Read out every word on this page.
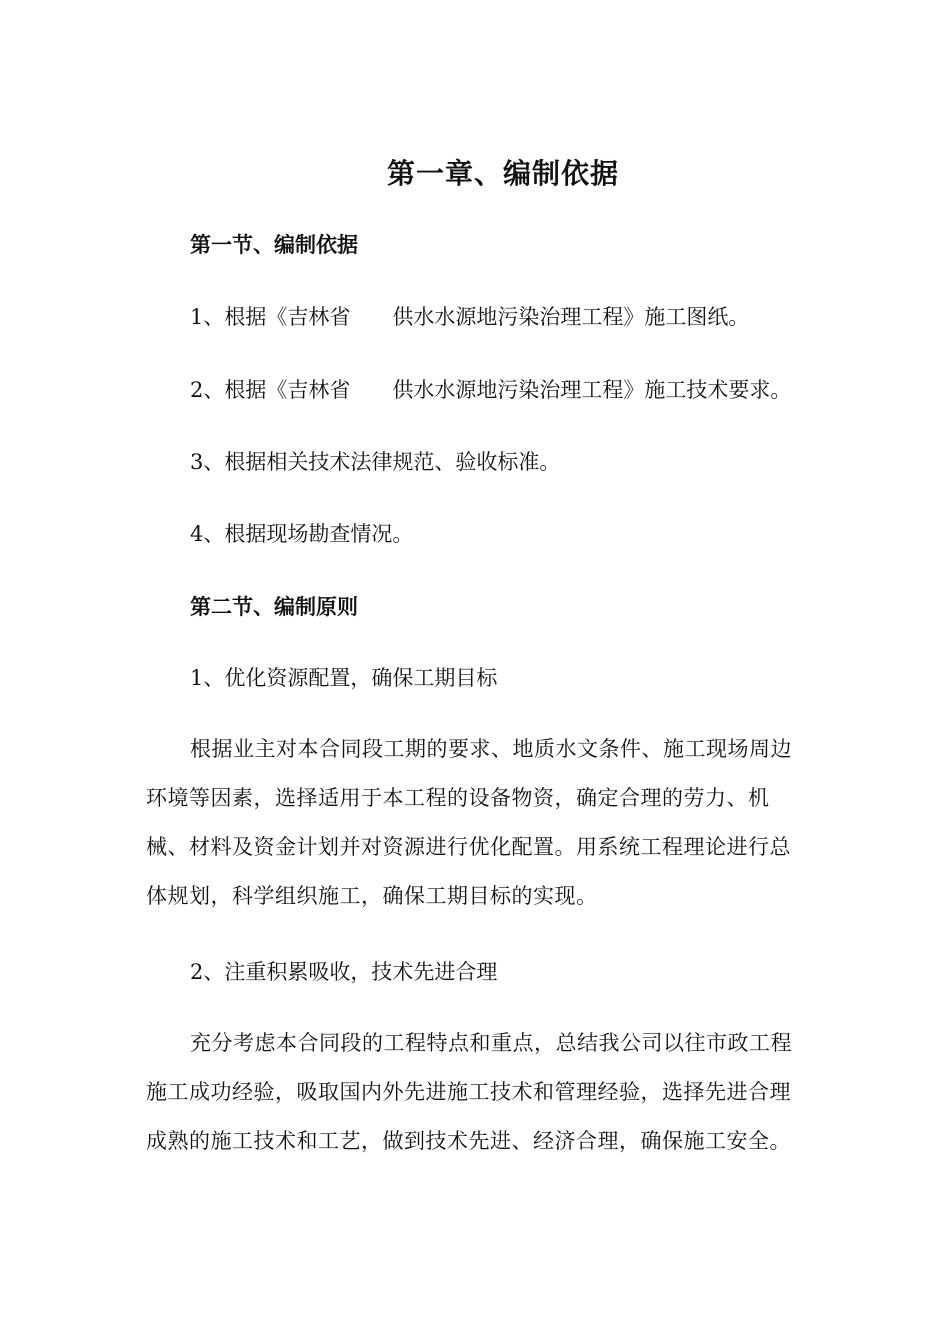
第一章、编制依据
第一节、编制依据
1、根据《吉林省　　供水水源地污染治理工程》施工图纸。
2、根据《吉林省　　供水水源地污染治理工程》施工技术要求。
3、根据相关技术法律规范、验收标准。
4、根据现场勘查情况。
第二节、编制原则
1、优化资源配置，确保工期目标
根据业主对本合同段工期的要求、地质水文条件、施工现场周边环境等因素，选择适用于本工程的设备物资，确定合理的劳力、机械、材料及资金计划并对资源进行优化配置。用系统工程理论进行总体规划，科学组织施工，确保工期目标的实现。
2、注重积累吸收，技术先进合理
充分考虑本合同段的工程特点和重点，总结我公司以往市政工程施工成功经验，吸取国内外先进施工技术和管理经验，选择先进合理成熟的施工技术和工艺，做到技术先进、经济合理，确保施工安全。
